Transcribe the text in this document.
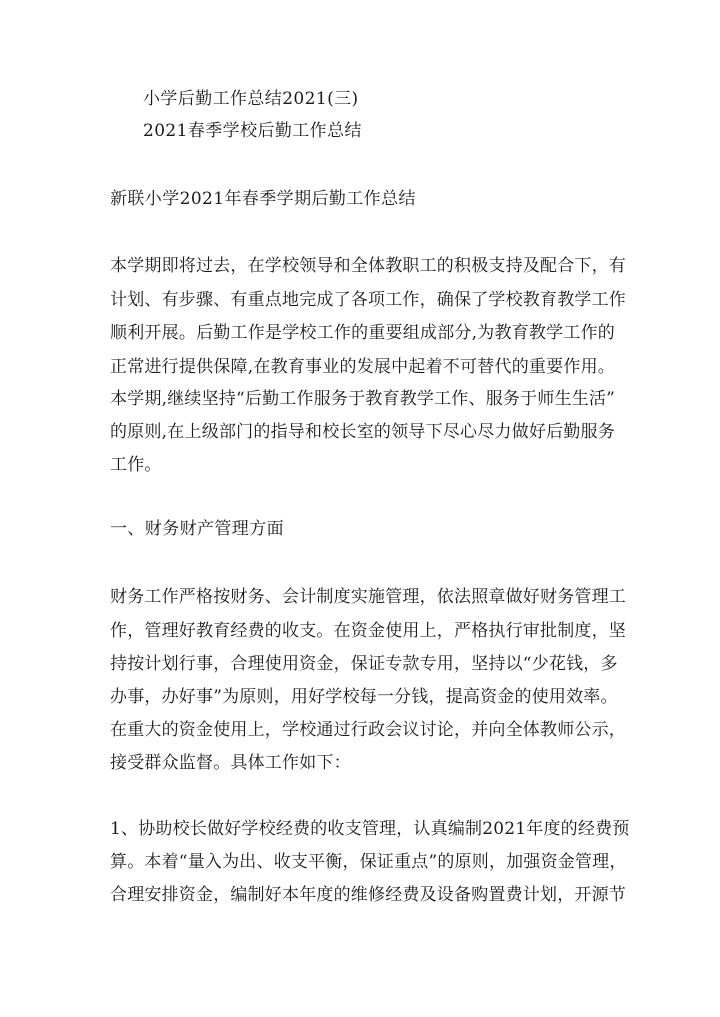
小学后勤工作总结2021(三)
2021春季学校后勤工作总结
新联小学2021年春季学期后勤工作总结
本学期即将过去，在学校领导和全体教职工的积极支持及配合下，有
计划、有步骤、有重点地完成了各项工作，确保了学校教育教学工作
顺利开展。后勤工作是学校工作的重要组成部分,为教育教学工作的
正常进行提供保障,在教育事业的发展中起着不可替代的重要作用。
本学期,继续坚持“后勤工作服务于教育教学工作、服务于师生生活”
的原则,在上级部门的指导和校长室的领导下尽心尽力做好后勤服务
工作。
一、财务财产管理方面
财务工作严格按财务、会计制度实施管理，依法照章做好财务管理工
作，管理好教育经费的收支。在资金使用上，严格执行审批制度，坚
持按计划行事，合理使用资金，保证专款专用，坚持以“少花钱，多
办事，办好事”为原则，用好学校每一分钱，提高资金的使用效率。
在重大的资金使用上，学校通过行政会议讨论，并向全体教师公示，
接受群众监督。具体工作如下：
1、协助校长做好学校经费的收支管理，认真编制2021年度的经费预
算。本着“量入为出、收支平衡，保证重点”的原则，加强资金管理，
合理安排资金，编制好本年度的维修经费及设备购置费计划，开源节
